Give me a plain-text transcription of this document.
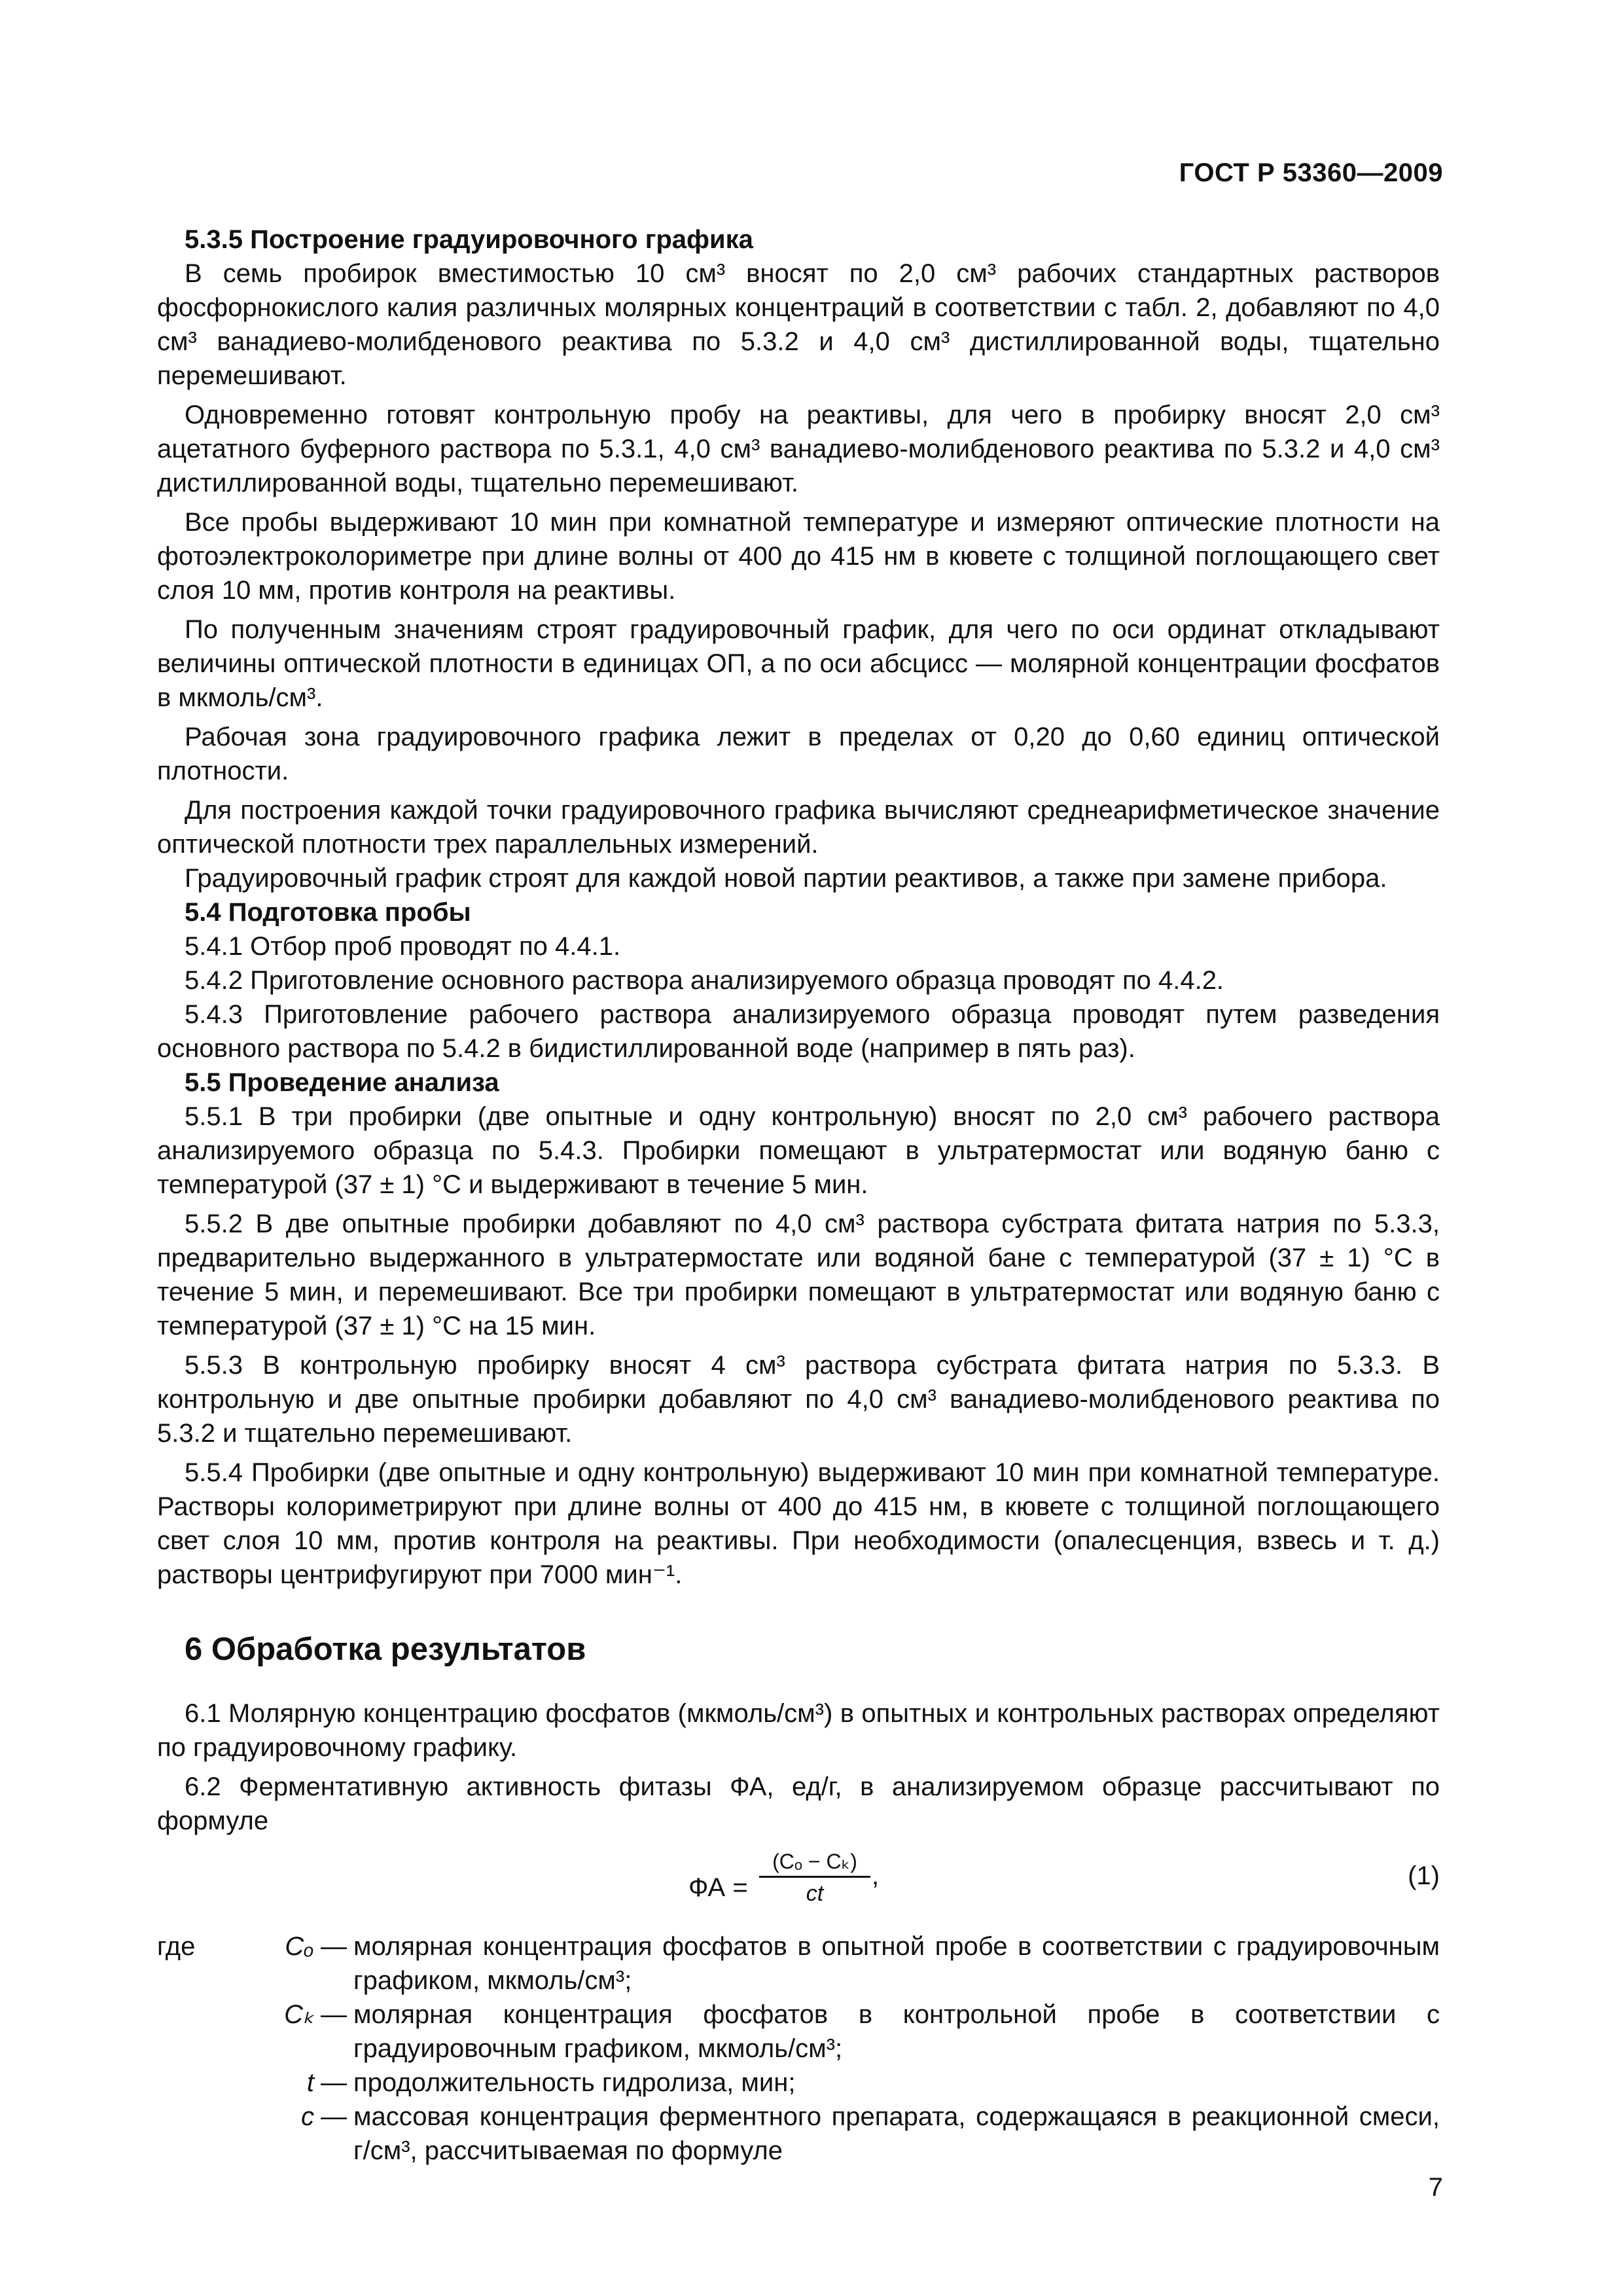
ГОСТ Р 53360—2009

5.3.5 Построение градуировочного графика

В семь пробирок вместимостью 10 см³ вносят по 2,0 см³ рабочих стандартных растворов фосфорнокислого калия различных молярных концентраций в соответствии с табл. 2, добавляют по 4,0 см³ ванадиево-молибденового реактива по 5.3.2 и 4,0 см³ дистиллированной воды, тщательно перемешивают.

Одновременно готовят контрольную пробу на реактивы, для чего в пробирку вносят 2,0 см³ ацетатного буферного раствора по 5.3.1, 4,0 см³ ванадиево-молибденового реактива по 5.3.2 и 4,0 см³ дистиллированной воды, тщательно перемешивают.

Все пробы выдерживают 10 мин при комнатной температуре и измеряют оптические плотности на фотоэлектроколориметре при длине волны от 400 до 415 нм в кювете с толщиной поглощающего свет слоя 10 мм, против контроля на реактивы.

По полученным значениям строят градуировочный график, для чего по оси ординат откладывают величины оптической плотности в единицах ОП, а по оси абсцисс — молярной концентрации фосфатов в мкмоль/см³.

Рабочая зона градуировочного графика лежит в пределах от 0,20 до 0,60 единиц оптической плотности.

Для построения каждой точки градуировочного графика вычисляют среднеарифметическое значение оптической плотности трех параллельных измерений.

Градуировочный график строят для каждой новой партии реактивов, а также при замене прибора.

5.4 Подготовка пробы

5.4.1 Отбор проб проводят по 4.4.1.

5.4.2 Приготовление основного раствора анализируемого образца проводят по 4.4.2.

5.4.3 Приготовление рабочего раствора анализируемого образца проводят путем разведения основного раствора по 5.4.2 в бидистиллированной воде (например в пять раз).

5.5 Проведение анализа

5.5.1 В три пробирки (две опытные и одну контрольную) вносят по 2,0 см³ рабочего раствора анализируемого образца по 5.4.3. Пробирки помещают в ультратермостат или водяную баню с температурой (37 ± 1) °С и выдерживают в течение 5 мин.

5.5.2 В две опытные пробирки добавляют по 4,0 см³ раствора субстрата фитата натрия по 5.3.3, предварительно выдержанного в ультратермостате или водяной бане с температурой (37 ± 1) °С в течение 5 мин, и перемешивают. Все три пробирки помещают в ультратермостат или водяную баню с температурой (37 ± 1) °С на 15 мин.

5.5.3 В контрольную пробирку вносят 4 см³ раствора субстрата фитата натрия по 5.3.3. В контрольную и две опытные пробирки добавляют по 4,0 см³ ванадиево-молибденового реактива по 5.3.2 и тщательно перемешивают.

5.5.4 Пробирки (две опытные и одну контрольную) выдерживают 10 мин при комнатной температуре. Растворы колориметрируют при длине волны от 400 до 415 нм, в кювете с толщиной поглощающего свет слоя 10 мм, против контроля на реактивы. При необходимости (опалесценция, взвесь и т. д.) растворы центрифугируют при 7000 мин⁻¹.

6 Обработка результатов

6.1 Молярную концентрацию фосфатов (мкмоль/см³) в опытных и контрольных растворах определяют по градуировочному графику.

6.2 Ферментативную активность фитазы ФА, ед/г, в анализируемом образце рассчитывают по формуле

ФА = $\frac{\text{(Cₒ − Cₖ)}}{ct}$ ,	(1)
где	Cₒ — молярная концентрация фосфатов в опытной пробе в соответствии с градуировочным графиком, мкмоль/см³;
Cₖ — молярная концентрация фосфатов в контрольной пробе в соответствии с градуировочным графиком, мкмоль/см³;
t — продолжительность гидролиза, мин;
c — массовая концентрация ферментного препарата, содержащаяся в реакционной смеси, г/см³, рассчитываемая по формуле
7
